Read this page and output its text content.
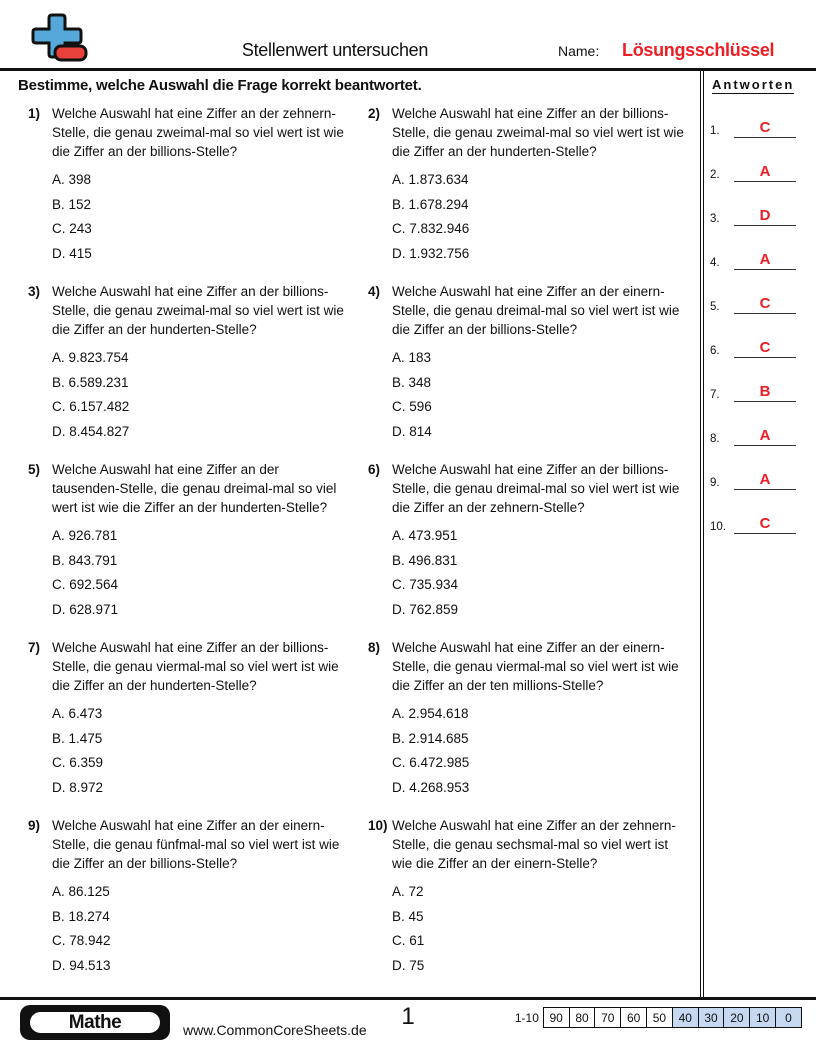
Stellenwert untersuchen	Name: Lösungsschlüssel
Bestimme, welche Auswahl die Frage korrekt beantwortet.
1) Welche Auswahl hat eine Ziffer an der zehnern-Stelle, die genau zweimal-mal so viel wert ist wie die Ziffer an der billions-Stelle?
A. 398
B. 152
C. 243
D. 415
2) Welche Auswahl hat eine Ziffer an der billions-Stelle, die genau zweimal-mal so viel wert ist wie die Ziffer an der hunderten-Stelle?
A. 1.873.634
B. 1.678.294
C. 7.832.946
D. 1.932.756
3) Welche Auswahl hat eine Ziffer an der billions-Stelle, die genau zweimal-mal so viel wert ist wie die Ziffer an der hunderten-Stelle?
A. 9.823.754
B. 6.589.231
C. 6.157.482
D. 8.454.827
4) Welche Auswahl hat eine Ziffer an der einern-Stelle, die genau dreimal-mal so viel wert ist wie die Ziffer an der billions-Stelle?
A. 183
B. 348
C. 596
D. 814
5) Welche Auswahl hat eine Ziffer an der tausenden-Stelle, die genau dreimal-mal so viel wert ist wie die Ziffer an der hunderten-Stelle?
A. 926.781
B. 843.791
C. 692.564
D. 628.971
6) Welche Auswahl hat eine Ziffer an der billions-Stelle, die genau dreimal-mal so viel wert ist wie die Ziffer an der zehnern-Stelle?
A. 473.951
B. 496.831
C. 735.934
D. 762.859
7) Welche Auswahl hat eine Ziffer an der billions-Stelle, die genau viermal-mal so viel wert ist wie die Ziffer an der hunderten-Stelle?
A. 6.473
B. 1.475
C. 6.359
D. 8.972
8) Welche Auswahl hat eine Ziffer an der einern-Stelle, die genau viermal-mal so viel wert ist wie die Ziffer an der ten millions-Stelle?
A. 2.954.618
B. 2.914.685
C. 6.472.985
D. 4.268.953
9) Welche Auswahl hat eine Ziffer an der einern-Stelle, die genau fünfmal-mal so viel wert ist wie die Ziffer an der billions-Stelle?
A. 86.125
B. 18.274
C. 78.942
D. 94.513
10) Welche Auswahl hat eine Ziffer an der zehnern-Stelle, die genau sechsmal-mal so viel wert ist wie die Ziffer an der einern-Stelle?
A. 72
B. 45
C. 61
D. 75
Antworten
1.	C
2.	A
3.	D
4.	A
5.	C
6.	C
7.	B
8.	A
9.	A
10.	C
Mathe	www.CommonCoreSheets.de	1	1-10 90	80	70	60	50	40	30	20	10	0
